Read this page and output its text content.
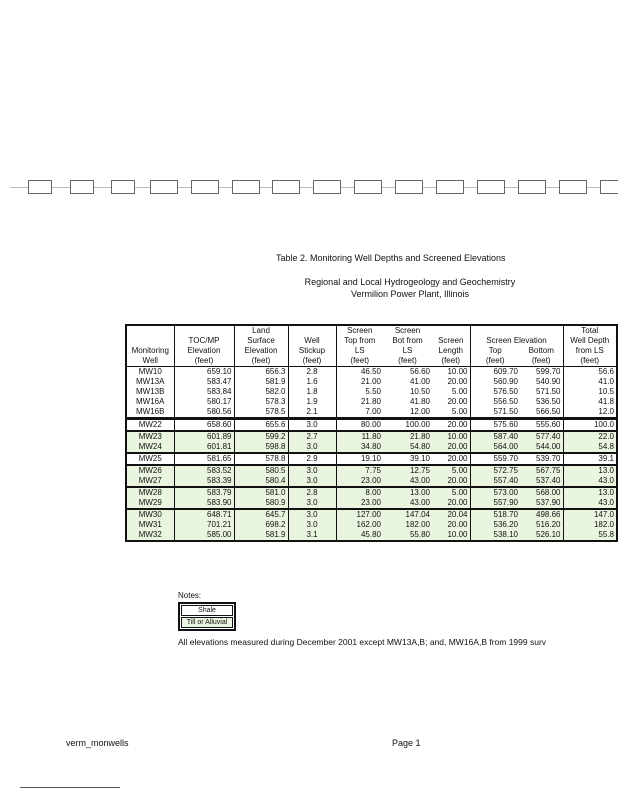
Table 2. Monitoring Well Depths and Screened Elevations
Regional and Local Hydrogeology and Geochemistry
Vermilion Power Plant, Illinois
		Land		Screen	Screen				Total
	TOC/MP	Surface	Well	Top from	Bot from	Screen	Screen Elevation		Well Depth
Monitoring	Elevation	Elevation	Stickup	LS	LS	Length	Top	Bottom	from LS
Well	(feet)	(feet)	(feet)	(feet)	(feet)	(feet)	(feet)	(feet)	(feet)
MW10	659.10	656.3	2.8	46.50	56.60	10.00	609.70	599.70	56.6
MW13A	583.47	581.9	1.6	21.00	41.00	20.00	560.90	540.90	41.0
MW13B	583.84	582.0	1.8	5.50	10.50	5.00	576.50	571.50	10.5
MW16A	580.17	578.3	1.9	21.80	41.80	20.00	556.50	536.50	41.8
MW16B	580.56	578.5	2.1	7.00	12.00	5.00	571.50	566.50	12.0
MW22	658.60	655.6	3.0	80.00	100.00	20.00	575.60	555.60	100.0
MW23	601.89	599.2	2.7	11.80	21.80	10.00	587.40	577.40	22.0
MW24	601.81	598.8	3.0	34.80	54.80	20.00	564.00	544.00	54.8
MW25	581.65	578.8	2.9	19.10	39.10	20.00	559.70	539.70	39.1
MW26	583.52	580.5	3.0	7.75	12.75	5.00	572.75	567.75	13.0
MW27	583.39	580.4	3.0	23.00	43.00	20.00	557.40	537.40	43.0
MW28	583.79	581.0	2.8	8.00	13.00	5.00	573.00	568.00	13.0
MW29	583.90	580.9	3.0	23.00	43.00	20.00	557.90	537.90	43.0
MW30	648.71	645.7	3.0	127.00	147.04	20.04	518.70	498.66	147.0
MW31	701.21	698.2	3.0	162.00	182.00	20.00	536.20	516.20	182.0
MW32	585.00	581.9	3.1	45.80	55.80	10.00	538.10	526.10	55.8
Notes:
Shale
Till or Alluvial
All elevations measured during December 2001 except MW13A,B; and, MW16A,B from 1999 surv
verm_monwells	Page 1
